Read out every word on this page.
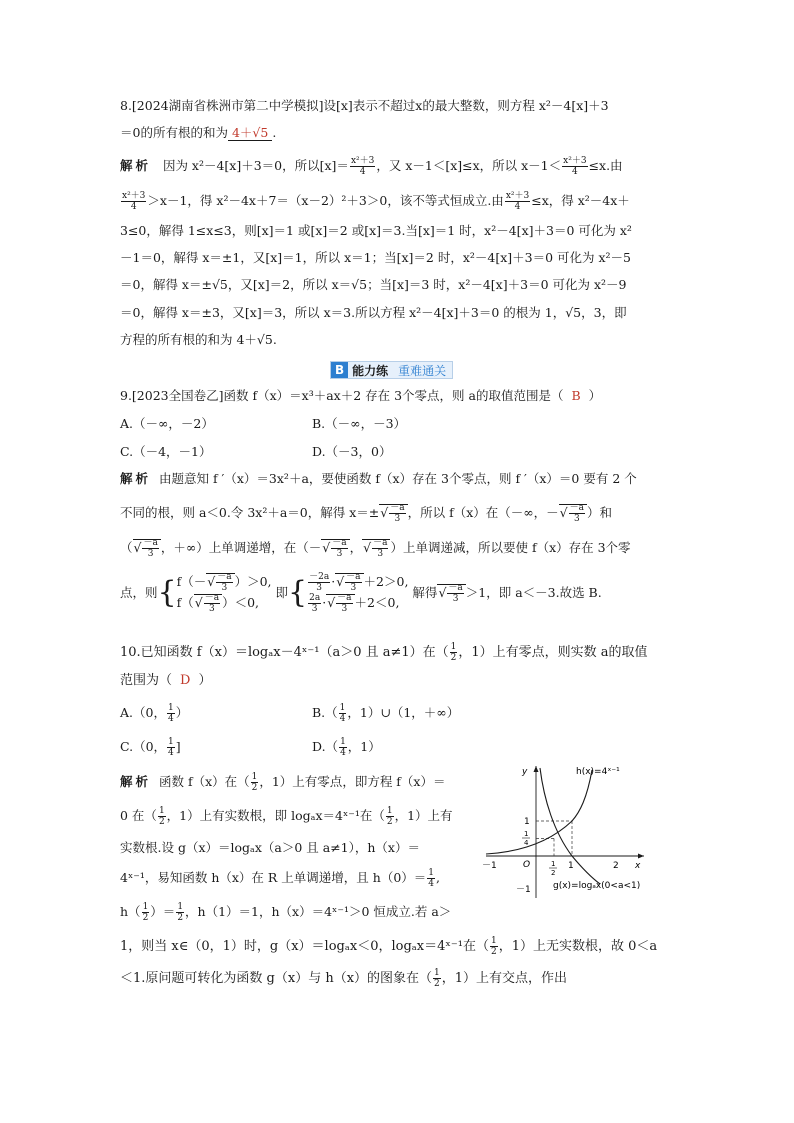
8.[2024湖南省株洲市第二中学模拟]设[x]表示不超过x的最大整数，则方程 x²－4[x]＋3
＝0的所有根的和为 4＋√5 .
解析 因为 x²－4[x]＋3＝0，所以$[x]= \frac{\text{x²＋3}}{4}$ ，又 x－1＜[x]≤x，所以 $x-1< \frac{\text{x²＋3}}{4} \le x$.由
$\frac{\text{x²＋3}}{4} >x-1$，得 x²－4x＋7＝（x－2）²＋3＞0，该不等式恒成立.由 $\frac{\text{x²＋3}}{4} \le x$，得 x²－4x＋
3≤0，解得 1≤x≤3，则[x]＝1 或[x]＝2 或[x]＝3.当[x]＝1 时，x²－4[x]＋3＝0 可化为 x²
－1＝0，解得 x＝±1，又[x]＝1，所以 x＝1；当[x]＝2 时，x²－4[x]＋3＝0 可化为 x²－5
＝0，解得 x＝±√5，又[x]＝2，所以 x＝√5；当[x]＝3 时，x²－4[x]＋3＝0 可化为 x²－9
＝0，解得 x＝±3，又[x]＝3，所以 x＝3.所以方程 x²－4[x]＋3＝0 的根为 1，√5，3，即
方程的所有根的和为 4＋√5.
B 能力练 重难通关
9.[2023全国卷乙]函数 f（x）＝x³＋ax＋2 存在 3个零点，则 a的取值范围是（ B ）
A.（－∞，－2）	B.（－∞，－3）
C.（－4，－1）	D.（－3，0）
解析 由题意知 f ′（x）＝3x²＋a，要使函数 f（x）存在 3个零点，则 f ′（x）＝0 要有 2 个
不同的根，则 a＜0.令 3x²＋a＝0，解得 $x=\pm√ \frac{-a}{3}$ ，所以 f（x）在（－∞，－√ $\frac{-a}{3}$ ）和
（√ $\frac{-a}{3}$ ，＋∞）上单调递增，在（－√ $\frac{-a}{3}$ ，√ $\frac{-a}{3}$ ）上单调递减，所以要使 f（x）存在 3个零
点，则{ $f(-√ \frac{-a}{3} )>0$,
$f(√ \frac{-a}{3} )<0$,
即{ $\frac{-2a}{3}$ ·√ $\frac{-a}{3} +2>0$,
$\frac{2a}{3}$ ·√ $\frac{-a}{3} +2<0$,
解得√ $\frac{-a}{3} >1$，即 a＜－3.故选 B.
10.已知函数 f（x）＝logₐx－4ˣ⁻¹（a＞0 且 a≠1）在（ $\frac{1}{2}$ ，1）上有零点，则实数 a的取值
范围为（ D ）
A.（0， $\frac{1}{4}$ ）	$B.( \frac{1}{4}$ ，1）∪（1，＋∞）
C.（0， $\frac{1}{4}$ ]	$D.( \frac{1}{4}$ ，1）
解析 函数 f（x）在（ $\frac{1}{2}$ ，1）上有零点，即方程 f（x）＝
0 在（ $\frac{1}{2}$ ，1）上有实数根，即 logₐx＝4ˣ⁻¹在（ $\frac{1}{2}$ ，1）上有
实数根.设 g（x）＝logₐx（a＞0 且 a≠1），h（x）＝
4ˣ⁻¹，易知函数 h（x）在 R 上单调递增，且 $h(0)= \frac{1}{4}$ ,
$h( \frac{1}{2}$ ）＝ $\frac{1}{2}$ ，h（1）＝1，h（x）＝4ˣ⁻¹＞0 恒成立.若 a＞
1，则当 x∈（0，1）时，g（x）＝logₐx＜0，logₐx＝4ˣ⁻¹在（ $\frac{1}{2}$ ，1）上无实数根，故 0＜a
＜1.原问题可转化为函数 g（x）与 h（x）的图象在（ $\frac{1}{2}$ ，1）上有交点，作出
h(x)=4ˣ⁻¹
g(x)=logₐx(0<a<1)
y
x
O
－1	1	2
1
－1
1
2
1
4
